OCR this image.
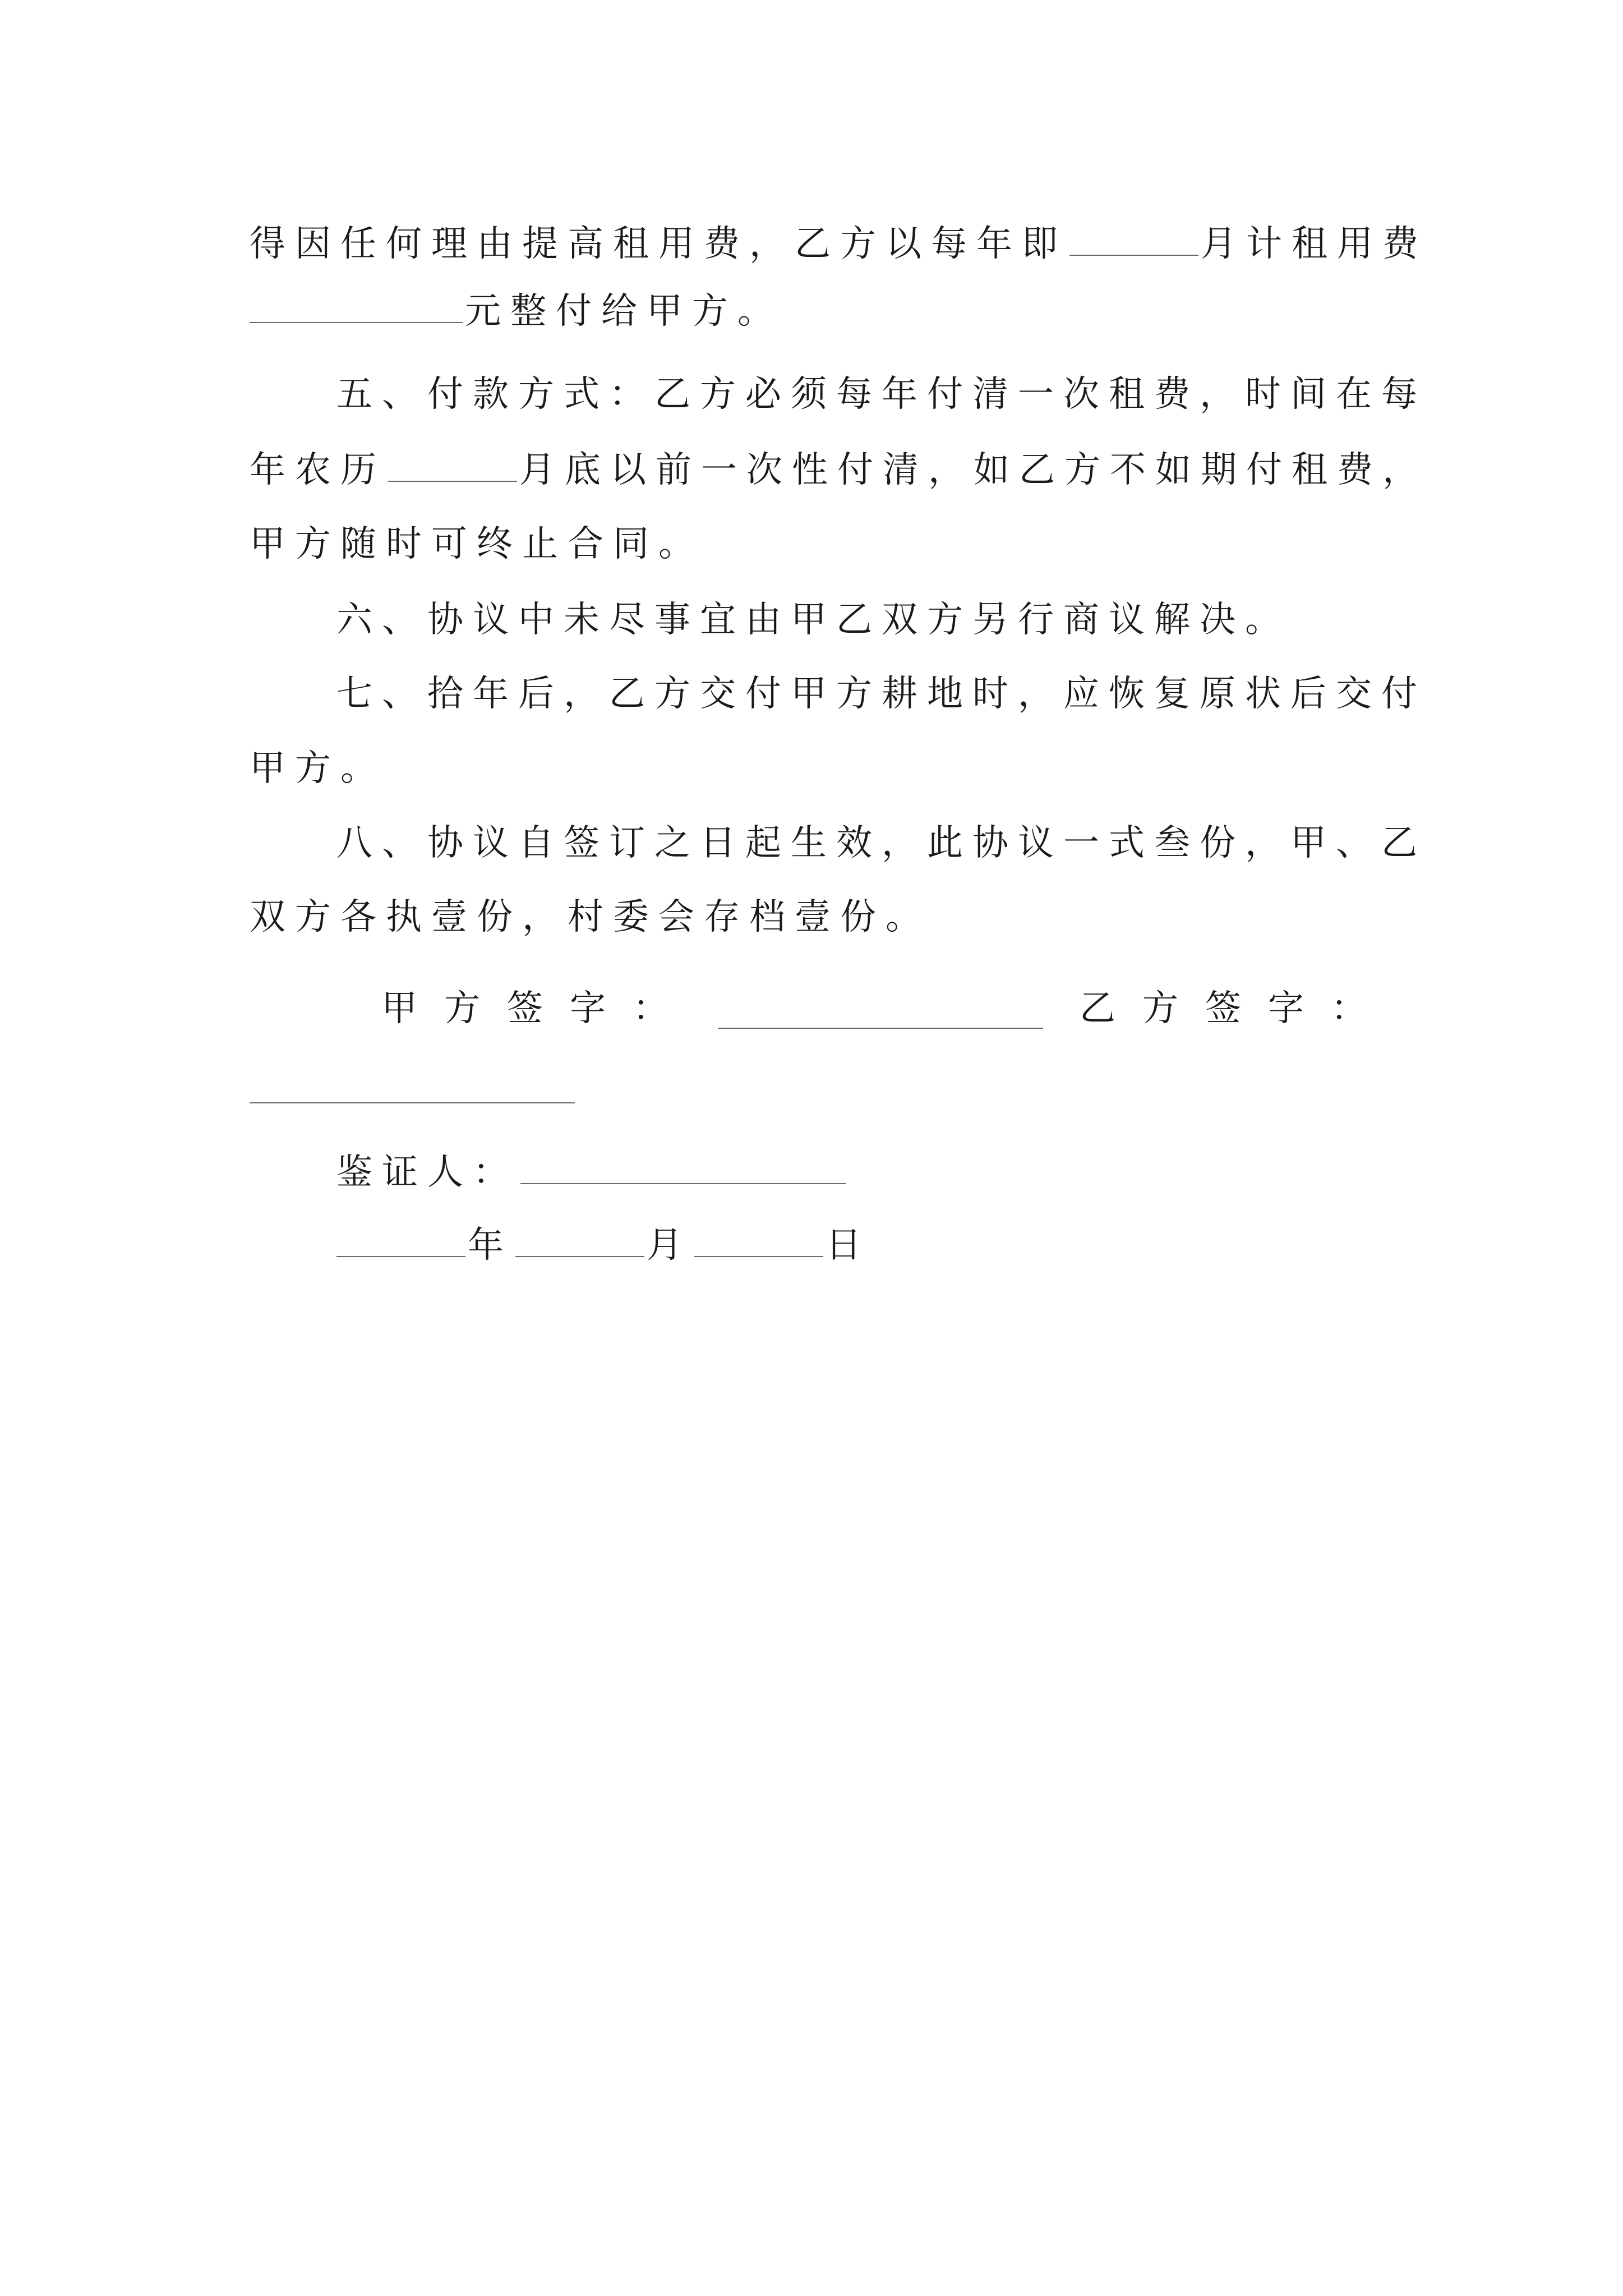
得因任何理由提高租用费，乙方以每年即	月计租用费
元整付给甲方。
五、付款方式：乙方必须每年付清一次租费，时间在每
年农历	月底以前一次性付清，如乙方不如期付租费，
甲方随时可终止合同。
六、协议中未尽事宜由甲乙双方另行商议解决。
七、拾年后，乙方交付甲方耕地时，应恢复原状后交付
甲方。
八、协议自签订之日起生效，此协议一式叁份，甲、乙
双方各执壹份，村委会存档壹份。
甲方签字：	乙方签字：
鉴证人：
年	月	日
